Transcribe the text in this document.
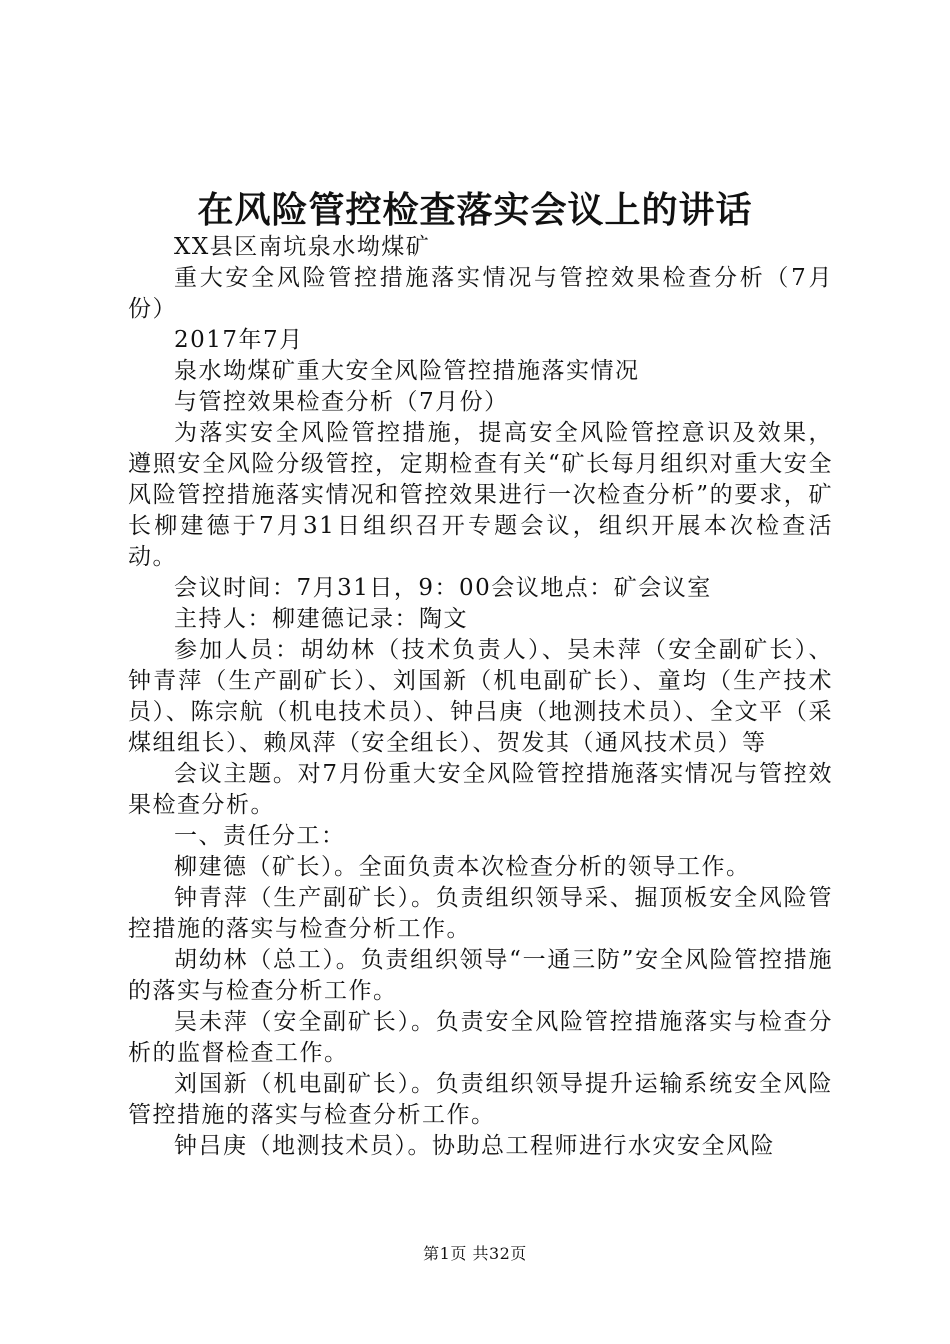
在风险管控检查落实会议上的讲话

XX县区南坑泉水坳煤矿

重大安全风险管控措施落实情况与管控效果检查分析（7月份）

2017年7月

泉水坳煤矿重大安全风险管控措施落实情况

与管控效果检查分析（7月份）

为落实安全风险管控措施，提高安全风险管控意识及效果，遵照安全风险分级管控，定期检查有关“矿长每月组织对重大安全风险管控措施落实情况和管控效果进行一次检查分析”的要求，矿长柳建德于7月31日组织召开专题会议，组织开展本次检查活动。

会议时间：7月31日，9：00会议地点：矿会议室

主持人：柳建德记录：陶文

参加人员：胡幼林（技术负责人）、吴未萍（安全副矿长）、钟青萍（生产副矿长）、刘国新（机电副矿长）、童均（生产技术员）、陈宗航（机电技术员）、钟吕庚（地测技术员）、全文平（采煤组组长）、赖凤萍（安全组长）、贺发其（通风技术员）等

会议主题。对7月份重大安全风险管控措施落实情况与管控效果检查分析。

一、责任分工：

柳建德（矿长）。全面负责本次检查分析的领导工作。

钟青萍（生产副矿长）。负责组织领导采、掘顶板安全风险管控措施的落实与检查分析工作。

胡幼林（总工）。负责组织领导“一通三防”安全风险管控措施的落实与检查分析工作。

吴未萍（安全副矿长）。负责安全风险管控措施落实与检查分析的监督检查工作。

刘国新（机电副矿长）。负责组织领导提升运输系统安全风险管控措施的落实与检查分析工作。

钟吕庚（地测技术员）。协助总工程师进行水灾安全风险

第1页 共32页
